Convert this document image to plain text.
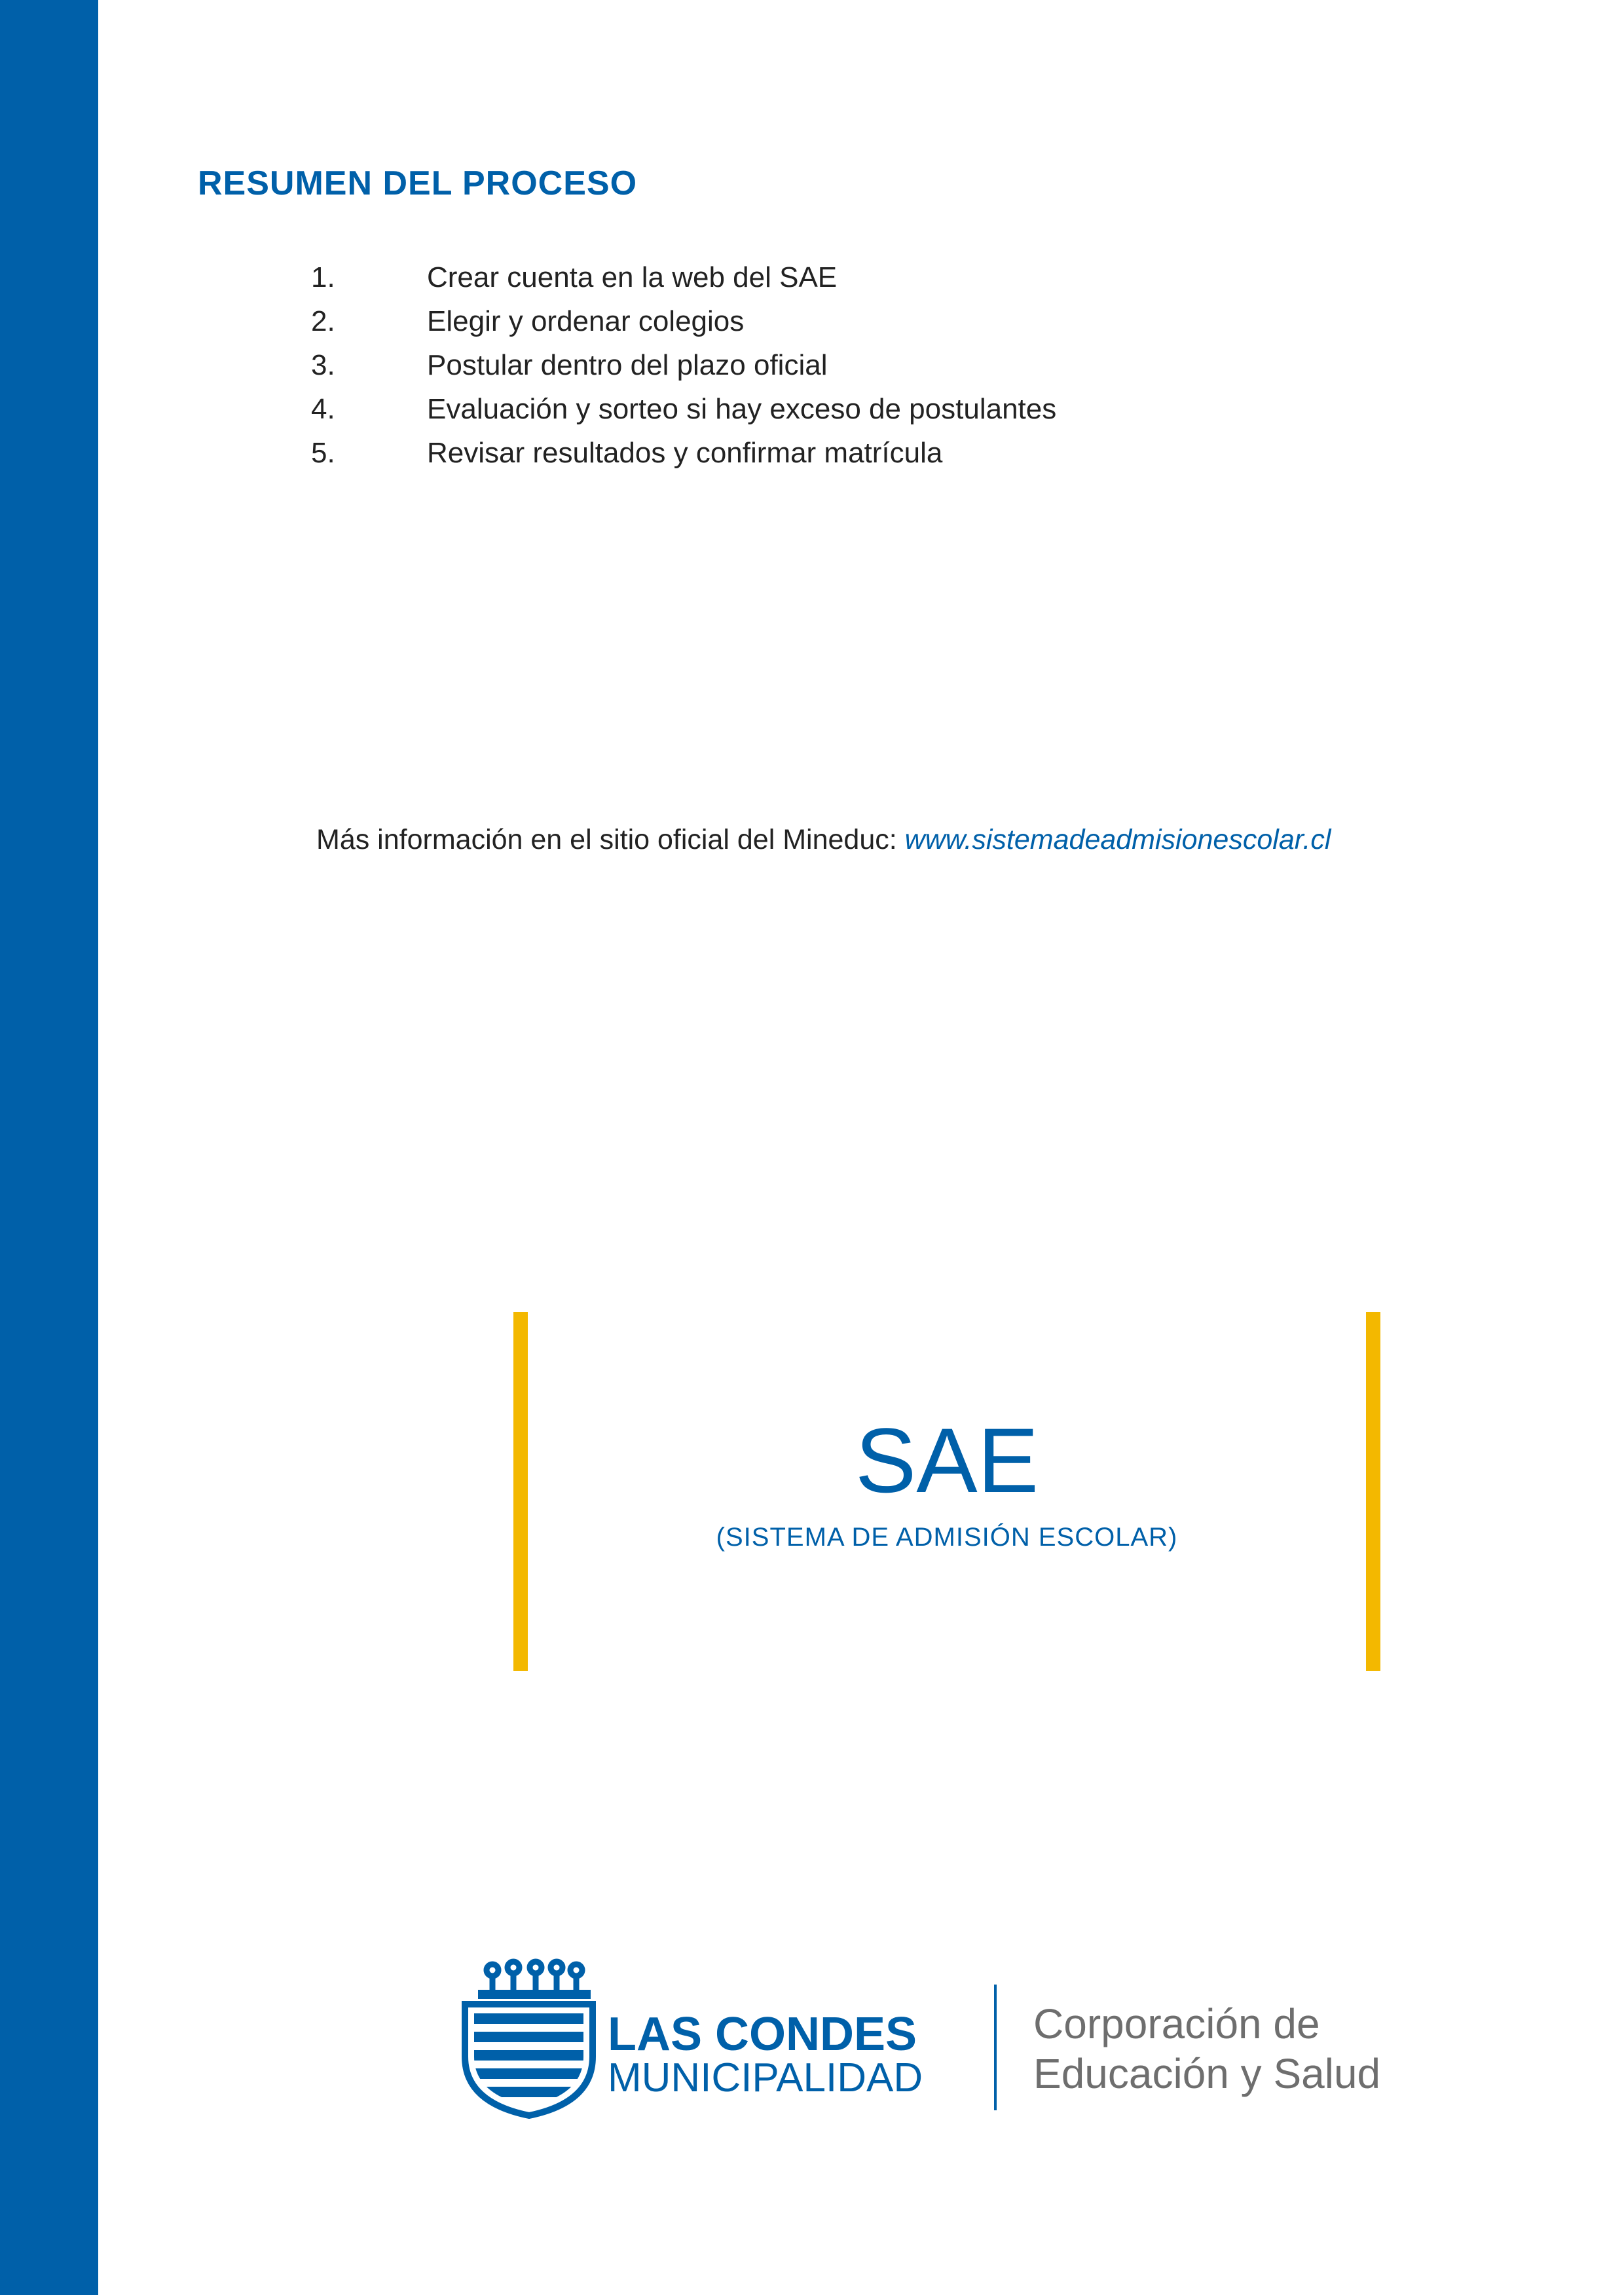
RESUMEN DEL PROCESO
1.	Crear cuenta en la web del SAE
2.	Elegir y ordenar colegios
3.	Postular dentro del plazo oficial
4.	Evaluación y sorteo si hay exceso de postulantes
5.	Revisar resultados y confirmar matrícula
Más información en el sitio oficial del Mineduc: www.sistemadeadmisionescolar.cl
SAE
(SISTEMA DE ADMISIÓN ESCOLAR)
LAS CONDES
MUNICIPALIDAD
Corporación de
Educación y Salud
